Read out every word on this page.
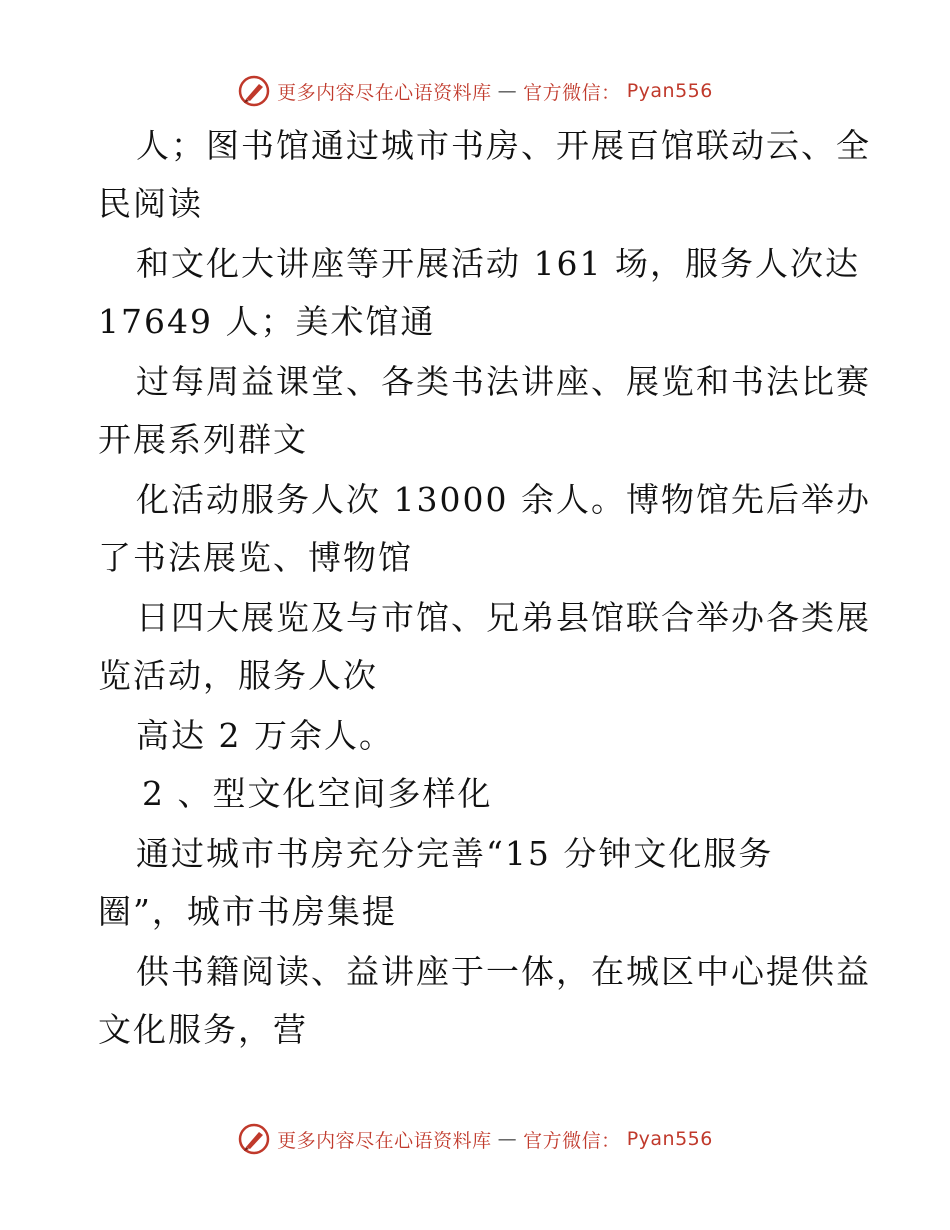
更多内容尽在心语资料库 — 官方微信： Pyan556
人；图书馆通过城市书房、开展百馆联动云、全
民阅读
和文化大讲座等开展活动 161 场，服务人次达
17649 人；美术馆通
过每周益课堂、各类书法讲座、展览和书法比赛
开展系列群文
化活动服务人次 13000 余人。博物馆先后举办
了书法展览、博物馆
日四大展览及与市馆、兄弟县馆联合举办各类展
览活动，服务人次
高达 2 万余人。
2 、型文化空间多样化
通过城市书房充分完善“15 分钟文化服务
圈”，城市书房集提
供书籍阅读、益讲座于一体，在城区中心提供益
文化服务，营
更多内容尽在心语资料库 — 官方微信： Pyan556
